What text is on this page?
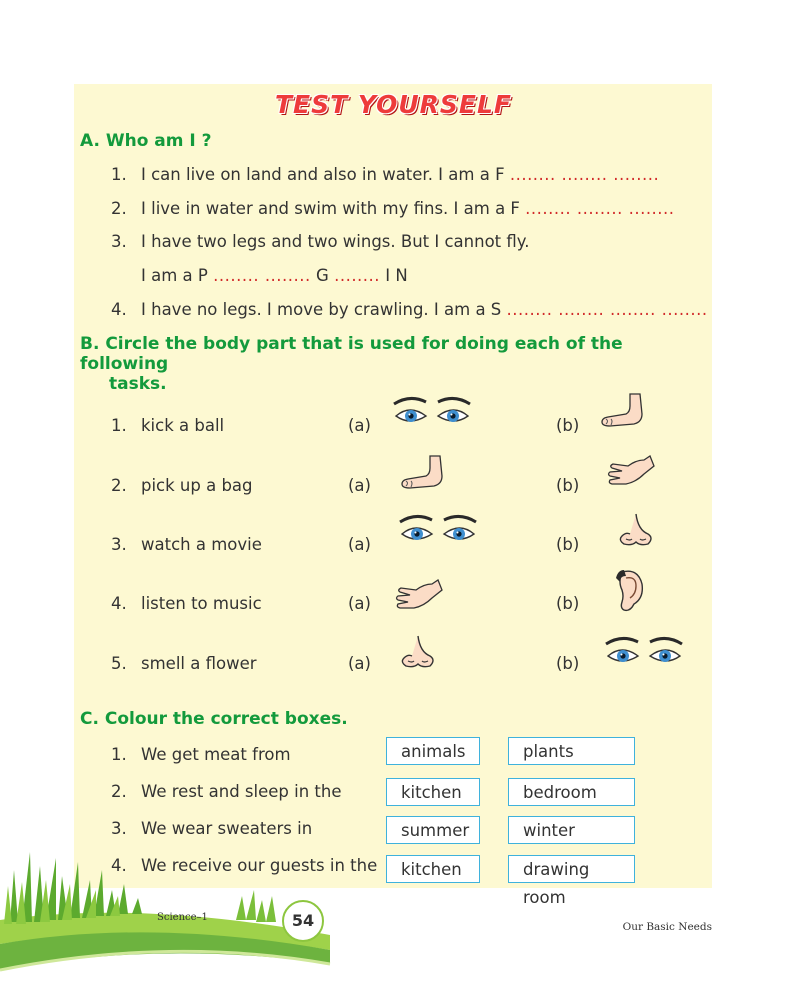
TEST YOURSELF
A. Who am I ?
1. I can live on land and also in water. I am a F ........ ........ ........
2. I live in water and swim with my fins. I am a F ........ ........ ........
3. I have two legs and two wings. But I cannot fly.
I am a P ........ ........ G ........ I N
4. I have no legs. I move by crawling. I am a S ........ ........ ........ ........
B. Circle the body part that is used for doing each of the following
tasks.
1. kick a ball	(a)	(b)
2. pick up a bag	(a)	(b)
3. watch a movie	(a)	(b)
4. listen to music	(a)	(b)
5. smell a flower	(a)	(b)
C. Colour the correct boxes.
1. We get meat from	animals	plants
2. We rest and sleep in the	kitchen	bedroom
3. We wear sweaters in	summer	winter
4. We receive our guests in the	kitchen	drawing room
Science–1	54	Our Basic Needs
